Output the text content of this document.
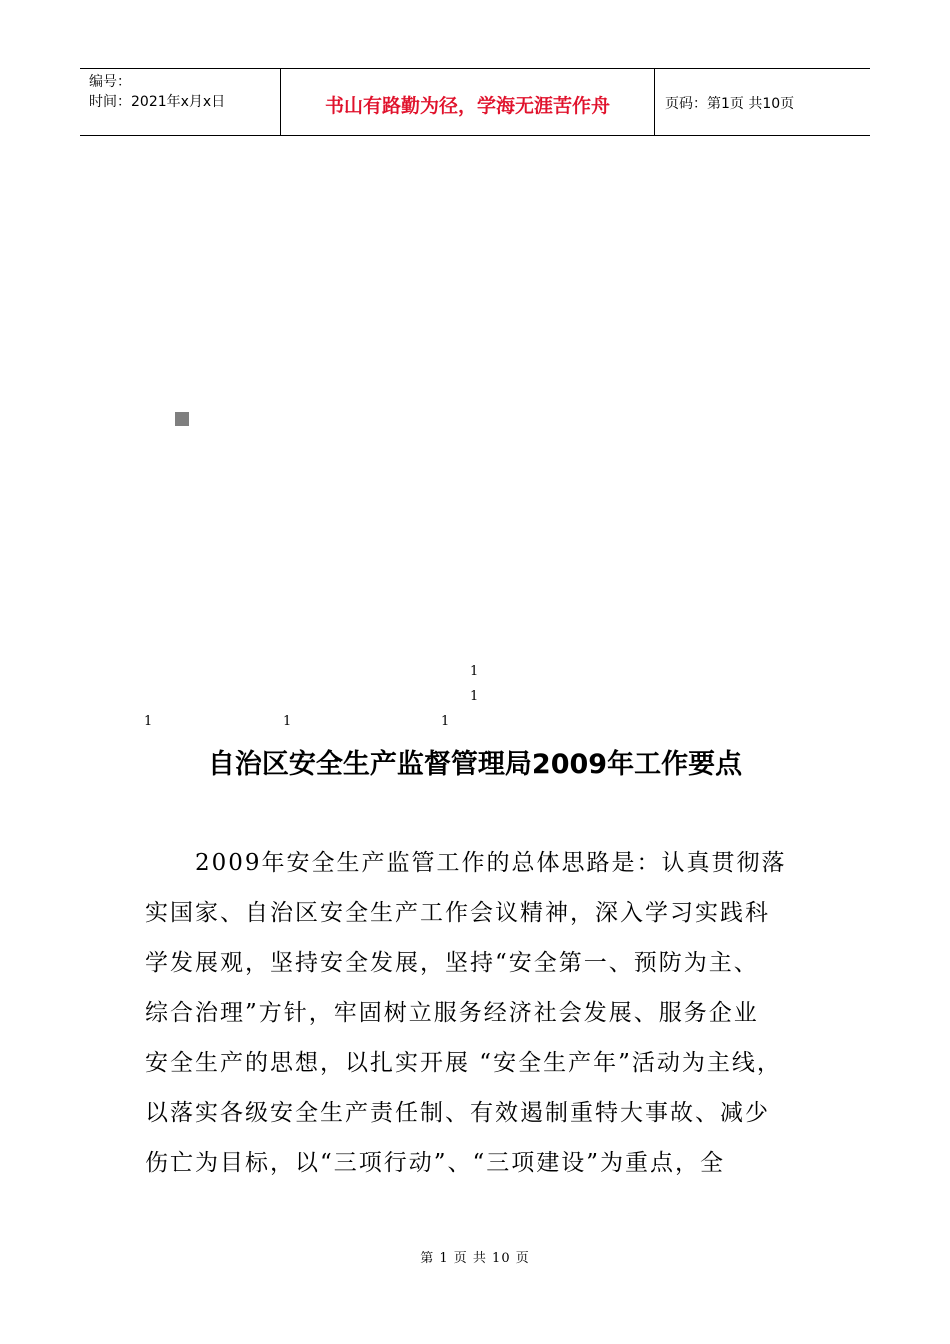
编号：
时间：2021年x月x日	书山有路勤为径，学海无涯苦作舟	页码：第1页 共10页
1
1
1	1	1
自治区安全生产监督管理局2009年工作要点
　　2009年安全生产监管工作的总体思路是：认真贯彻落
实国家、自治区安全生产工作会议精神，深入学习实践科
学发展观，坚持安全发展，坚持“安全第一、预防为主、
综合治理”方针，牢固树立服务经济社会发展、服务企业
安全生产的思想，以扎实开展 “安全生产年”活动为主线，
以落实各级安全生产责任制、有效遏制重特大事故、减少
伤亡为目标，以“三项行动”、“三项建设”为重点，全
第 1 页 共 10 页
